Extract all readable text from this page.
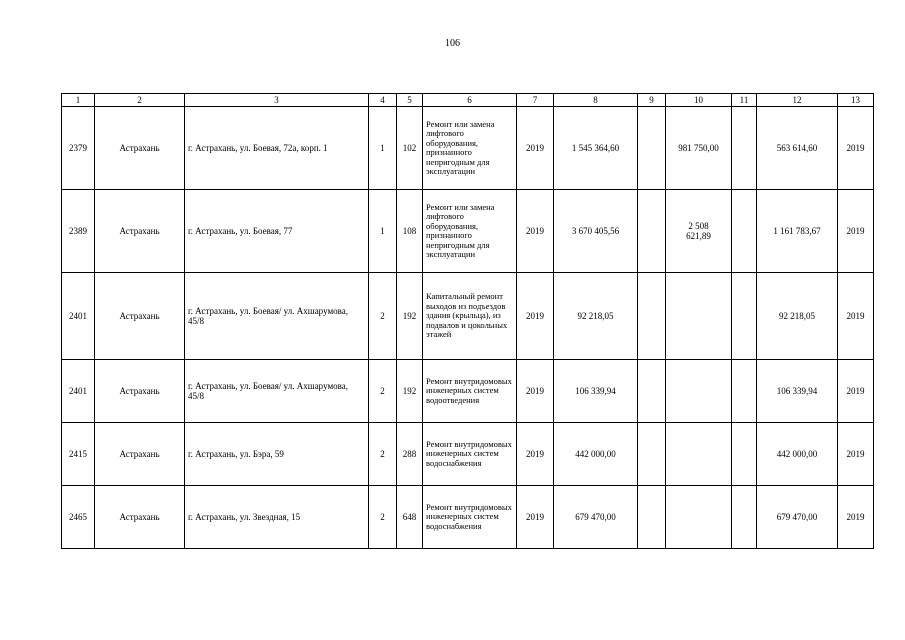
106
1	2	3	4	5	6	7	8	9	10	11	12	13
2379	Астрахань	г. Астрахань, ул. Боевая, 72а, корп. 1	1	102	Ремонт или замена лифтового оборудования, признанного непригодным для эксплуатации	2019	1 545 364,60		981 750,00		563 614,60	2019
2389	Астрахань	г. Астрахань, ул. Боевая, 77	1	108	Ремонт или замена лифтового оборудования, признанного непригодным для эксплуатации	2019	3 670 405,56		2 508 621,89		1 161 783,67	2019
2401	Астрахань	г. Астрахань, ул. Боевая/ ул. Ахшарумова, 45/8	2	192	Капитальный ремонт выходов из подъездов здания (крыльца), из подвалов и цокольных этажей	2019	92 218,05				92 218,05	2019
2401	Астрахань	г. Астрахань, ул. Боевая/ ул. Ахшарумова, 45/8	2	192	Ремонт внутридомовых инженерных систем водоотведения	2019	106 339,94				106 339,94	2019
2415	Астрахань	г. Астрахань, ул. Бэра, 59	2	288	Ремонт внутридомовых инженерных систем водоснабжения	2019	442 000,00				442 000,00	2019
2465	Астрахань	г. Астрахань, ул. Звездная, 15	2	648	Ремонт внутридомовых инженерных систем водоснабжения	2019	679 470,00				679 470,00	2019
